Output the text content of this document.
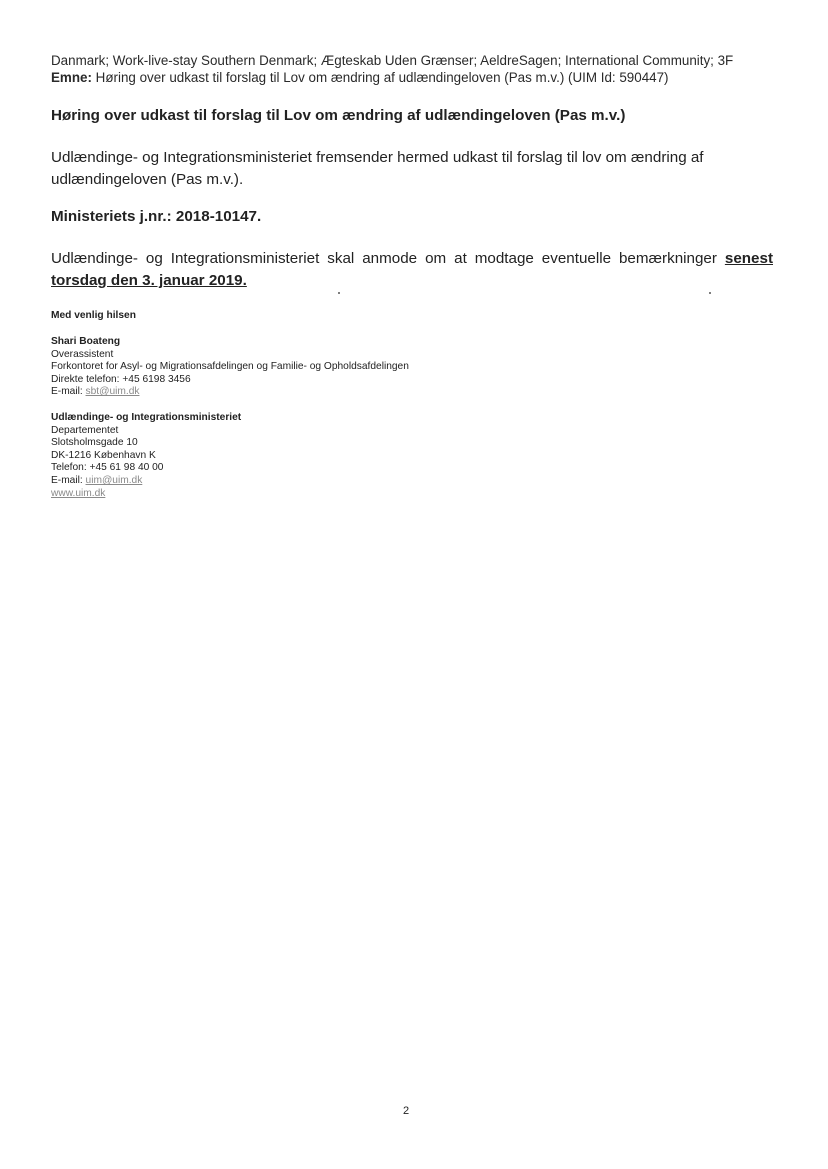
Danmark; Work-live-stay Southern Denmark; Ægteskab Uden Grænser; AeldreSagen; International Community; 3F
Emne: Høring over udkast til forslag til Lov om ændring af udlændingeloven (Pas m.v.) (UIM Id: 590447)
Høring over udkast til forslag til Lov om ændring af udlændingeloven (Pas m.v.)
Udlændinge- og Integrationsministeriet fremsender hermed udkast til forslag til lov om ændring af udlændingeloven (Pas m.v.).
Ministeriets j.nr.: 2018-10147.
Udlændinge- og Integrationsministeriet skal anmode om at modtage eventuelle bemærkninger senest torsdag den 3. januar 2019.
Med venlig hilsen
Shari Boateng
Overassistent
Forkontoret for Asyl- og Migrationsafdelingen og Familie- og Opholdsafdelingen
Direkte telefon: +45 6198 3456
E-mail: sbt@uim.dk
Udlændinge- og Integrationsministeriet
Departementet
Slotsholmsgade 10
DK-1216 København K
Telefon: +45 61 98 40 00
E-mail: uim@uim.dk
www.uim.dk
2
